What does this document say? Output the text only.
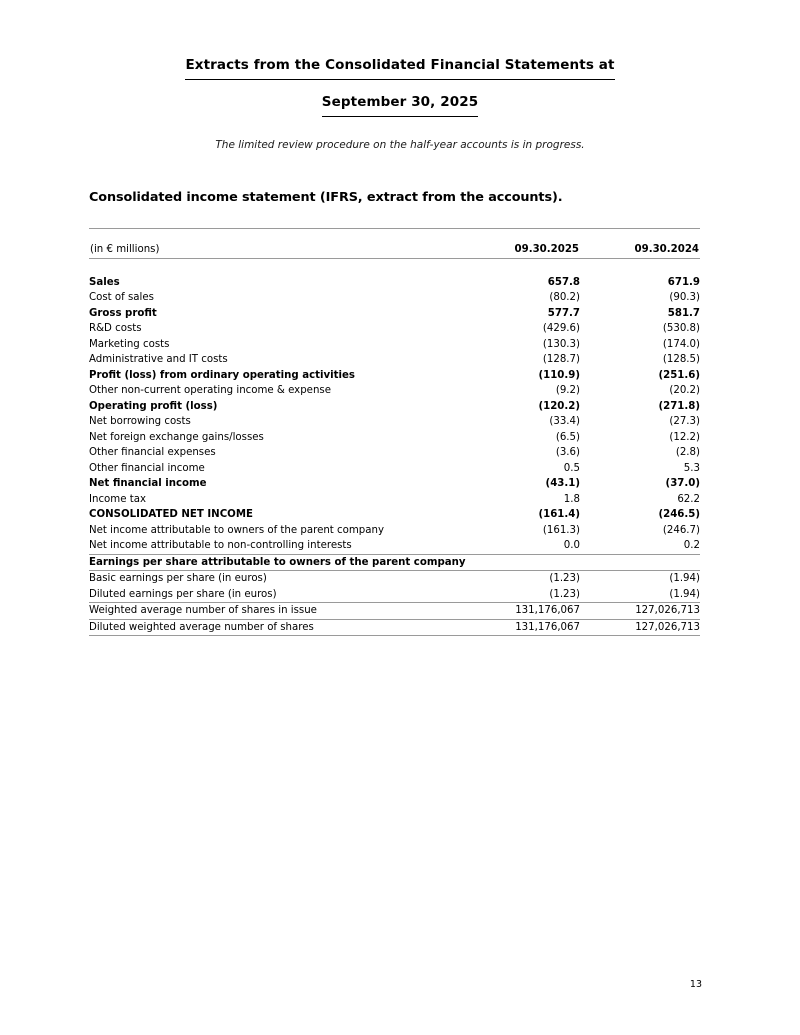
Extracts from the Consolidated Financial Statements at
September 30, 2025
The limited review procedure on the half-year accounts is in progress.
Consolidated income statement (IFRS, extract from the accounts).
(in € millions)	09.30.2025	09.30.2024

Sales	657.8	671.9
Cost of sales	(80.2)	(90.3)
Gross profit	577.7	581.7
R&D costs	(429.6)	(530.8)
Marketing costs	(130.3)	(174.0)
Administrative and IT costs	(128.7)	(128.5)
Profit (loss) from ordinary operating activities	(110.9)	(251.6)
Other non-current operating income & expense	(9.2)	(20.2)
Operating profit (loss)	(120.2)	(271.8)
Net borrowing costs	(33.4)	(27.3)
Net foreign exchange gains/losses	(6.5)	(12.2)
Other financial expenses	(3.6)	(2.8)
Other financial income	0.5	5.3
Net financial income	(43.1)	(37.0)
Income tax	1.8	62.2
CONSOLIDATED NET INCOME	(161.4)	(246.5)
Net income attributable to owners of the parent company	(161.3)	(246.7)
Net income attributable to non-controlling interests	0.0	0.2
Earnings per share attributable to owners of the parent company		
Basic earnings per share (in euros)	(1.23)	(1.94)
Diluted earnings per share (in euros)	(1.23)	(1.94)
Weighted average number of shares in issue	131,176,067	127,026,713
Diluted weighted average number of shares	131,176,067	127,026,713
13
